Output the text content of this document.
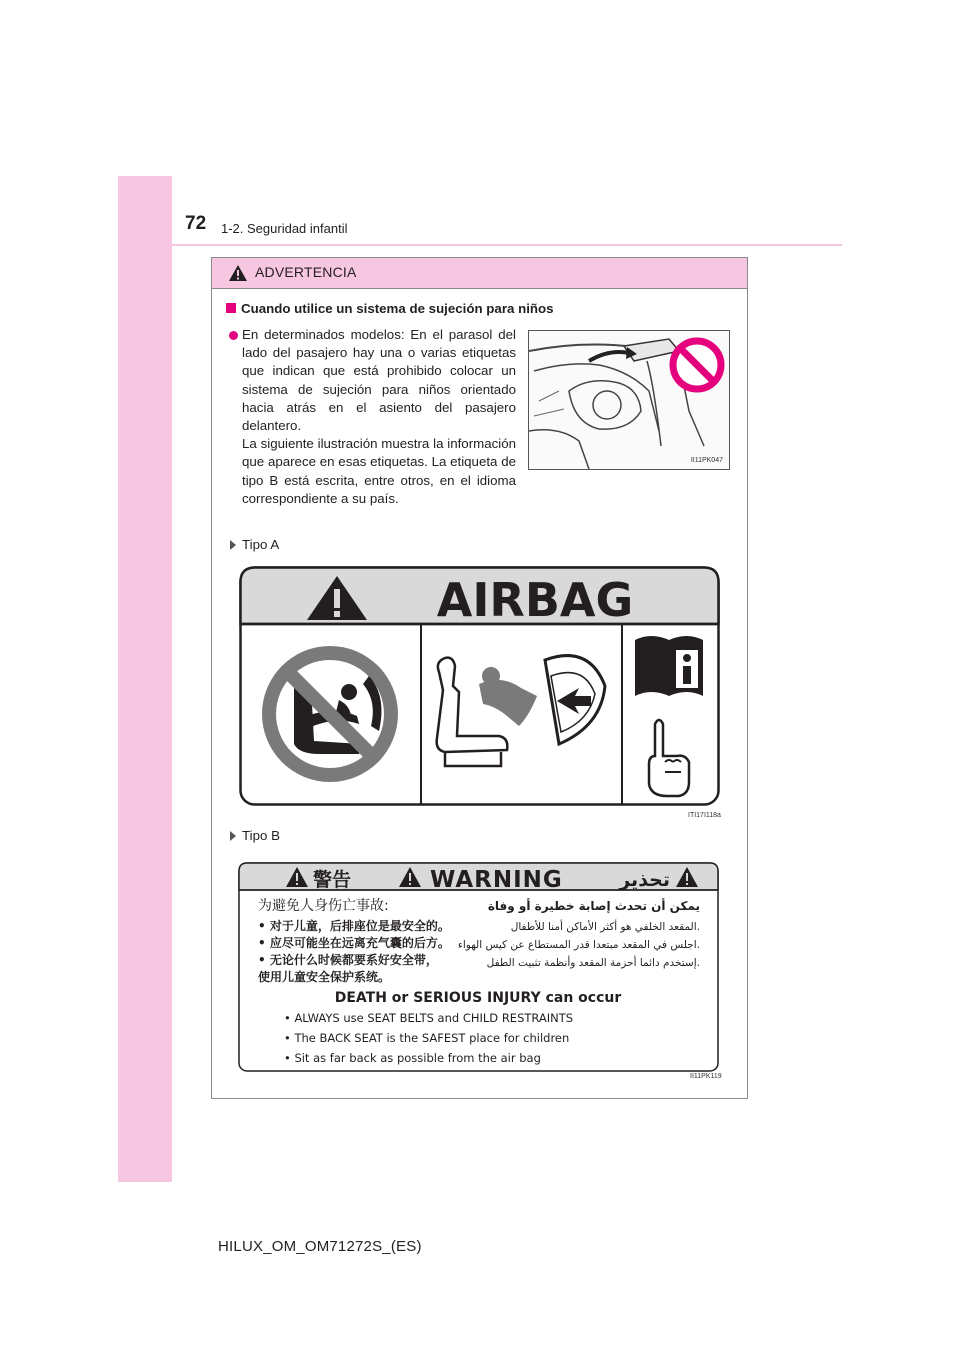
72 1-2. Seguridad infantil
ADVERTENCIA
Cuando utilice un sistema de sujeción para niños
En determinados modelos: En el parasol del lado del pasajero hay una o varias etiquetas que indican que está prohibido colocar un sistema de sujeción para niños orientado hacia atrás en el asiento del pasajero delantero.
La siguiente ilustración muestra la información que aparece en esas etiquetas. La etiqueta de tipo B está escrita, entre otros, en el idioma correspondiente a su país.
II11PK047
Tipo A
AIRBAG
ITI17I118a
Tipo B
警告	WARNING	تحذير
为避免人身伤亡事故:
• 对于儿童，后排座位是最安全的。
• 应尽可能坐在远离充气囊的后方。
• 无论什么时候都要系好安全带，
使用儿童安全保护系统。
يمكن أن تحدث إصابة خطيرة أو وفاة
المقعد الخلفي هو أكثر الأماكن أمنا للأطفال.
اجلس في المقعد مبتعدا قدر المستطاع عن كيس الهواء.
إستخدم دائما أحزمة المقعد وأنظمة تثبيت الطفل.
DEATH or SERIOUS INJURY can occur
• ALWAYS use SEAT BELTS and CHILD RESTRAINTS
• The BACK SEAT is the SAFEST place for children
• Sit as far back as possible from the air bag
II11PK119
HILUX_OM_OM71272S_(ES)
